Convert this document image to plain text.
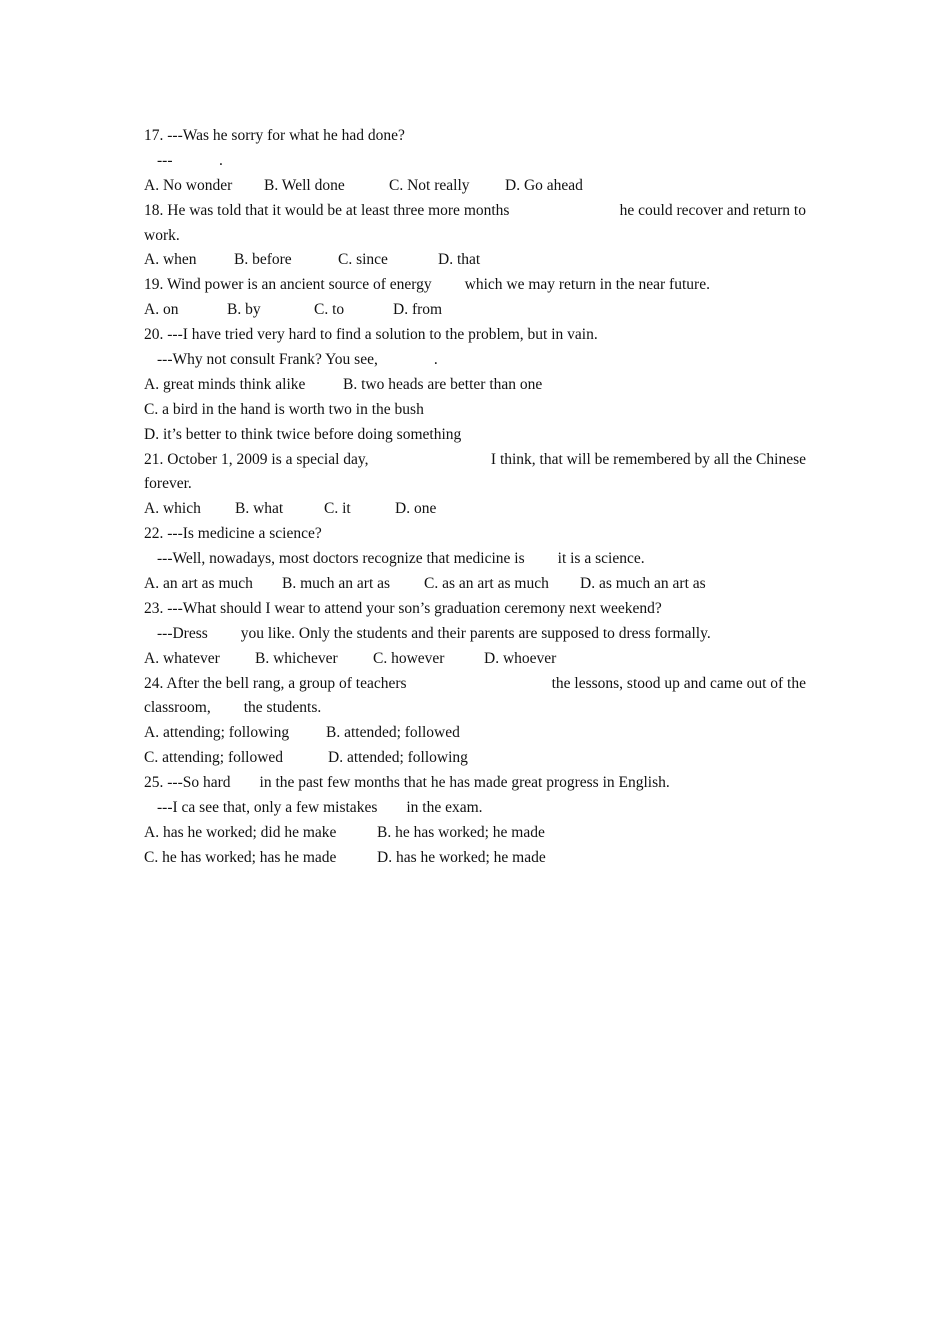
17. ---Was he sorry for what he had done?
---            .
A. No wonder B. Well done	C. Not really D. Go ahead
18. He was told that it would be at least three more months	he could recover and return to
work.
A. when B. before	C. since	D. that
19. Wind power is an ancient source of energy which we may return in the near future.
A. on	B. by	C. to	D. from
20. ---I have tried very hard to find a solution to the problem, but in vain.
---Why not consult Frank? You see,	.
A. great minds think alike B. two heads are better than one
C. a bird in the hand is worth two in the bush
D. it’s better to think twice before doing something
21. October 1, 2009 is a special day,	I think, that will be remembered by all the Chinese
forever.
A. which B. what	C. it	D. one
22. ---Is medicine a science?
---Well, nowadays, most doctors recognize that medicine is it is a science.
A. an art as much B. much an art as C. as an art as much D. as much an art as
23. ---What should I wear to attend your son’s graduation ceremony next weekend?
---Dress you like. Only the students and their parents are supposed to dress formally.
A. whatever B. whichever C. however	D. whoever
24. After the bell rang, a group of teachers	the lessons, stood up and came out of the
classroom, the students.
A. attending; following B. attended; followed
C. attending; followed	D. attended; following
25. ---So hard in the past few months that he has made great progress in English.
---I ca see that, only a few mistakes in the exam.
A. has he worked; did he make	B. he has worked; he made
C. he has worked; has he made	D. has he worked; he made
